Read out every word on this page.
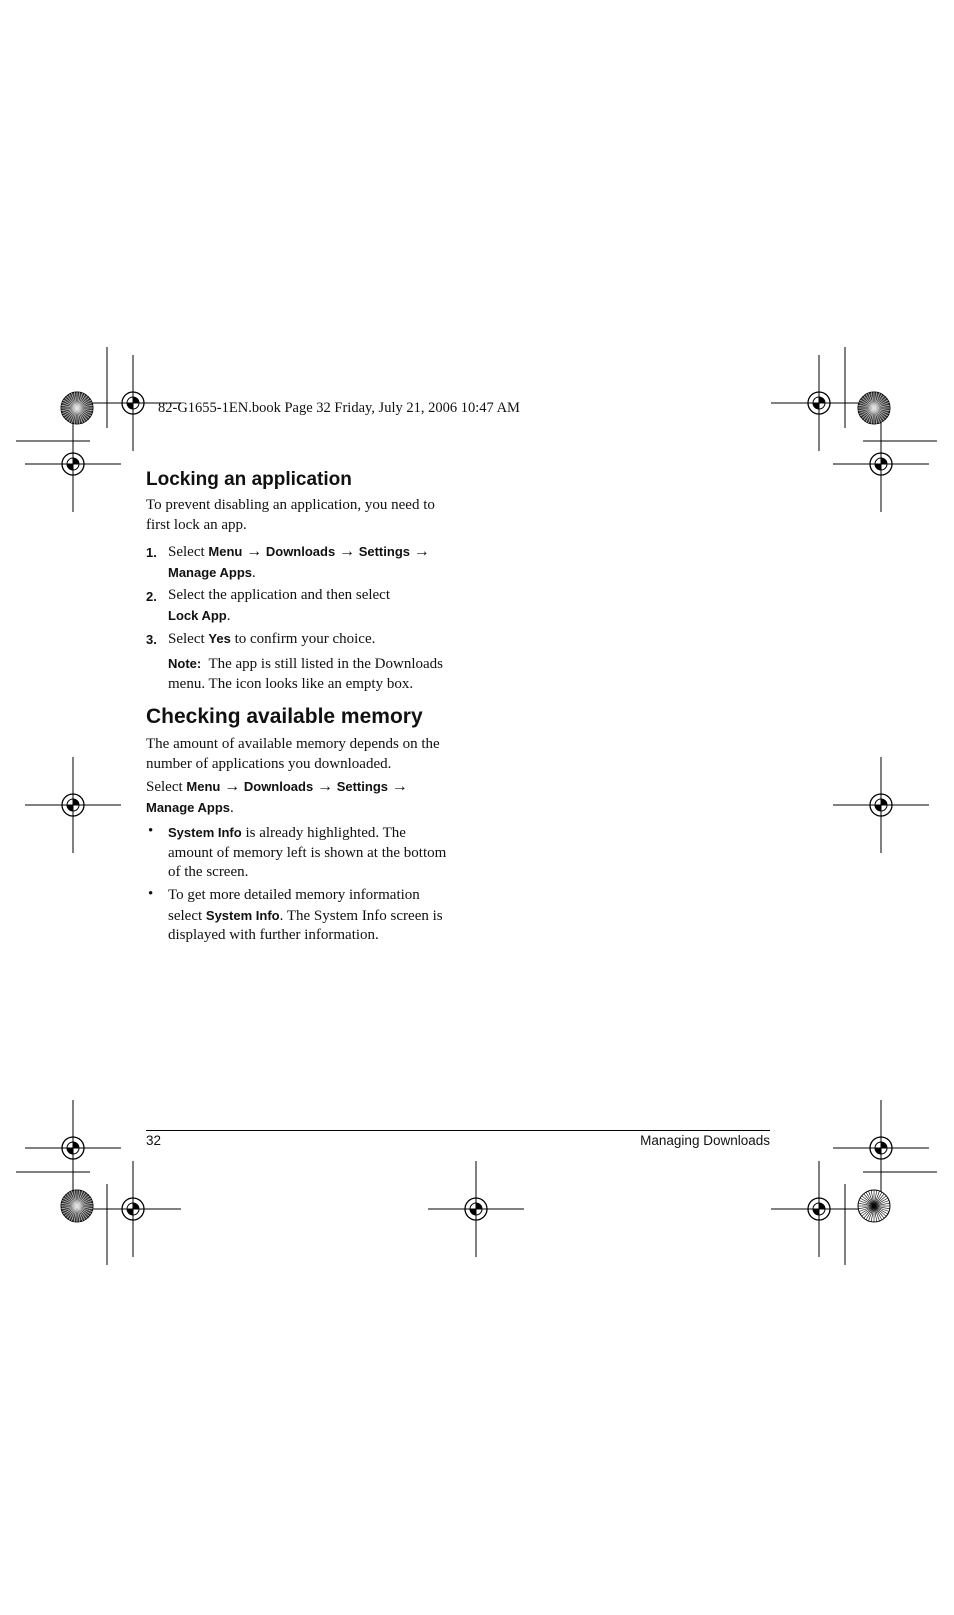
82-G1655-1EN.book Page 32 Friday, July 21, 2006 10:47 AM
Locking an application
To prevent disabling an application, you need to
first lock an app.
1. Select Menu → Downloads → Settings →
Manage Apps.
2. Select the application and then select
Lock App.
3. Select Yes to confirm your choice.
Note: The app is still listed in the Downloads
menu. The icon looks like an empty box.
Checking available memory
The amount of available memory depends on the
number of applications you downloaded.
Select Menu → Downloads → Settings →
Manage Apps.
• System Info is already highlighted. The
amount of memory left is shown at the bottom
of the screen.
• To get more detailed memory information
select System Info. The System Info screen is
displayed with further information.
32	Managing Downloads
